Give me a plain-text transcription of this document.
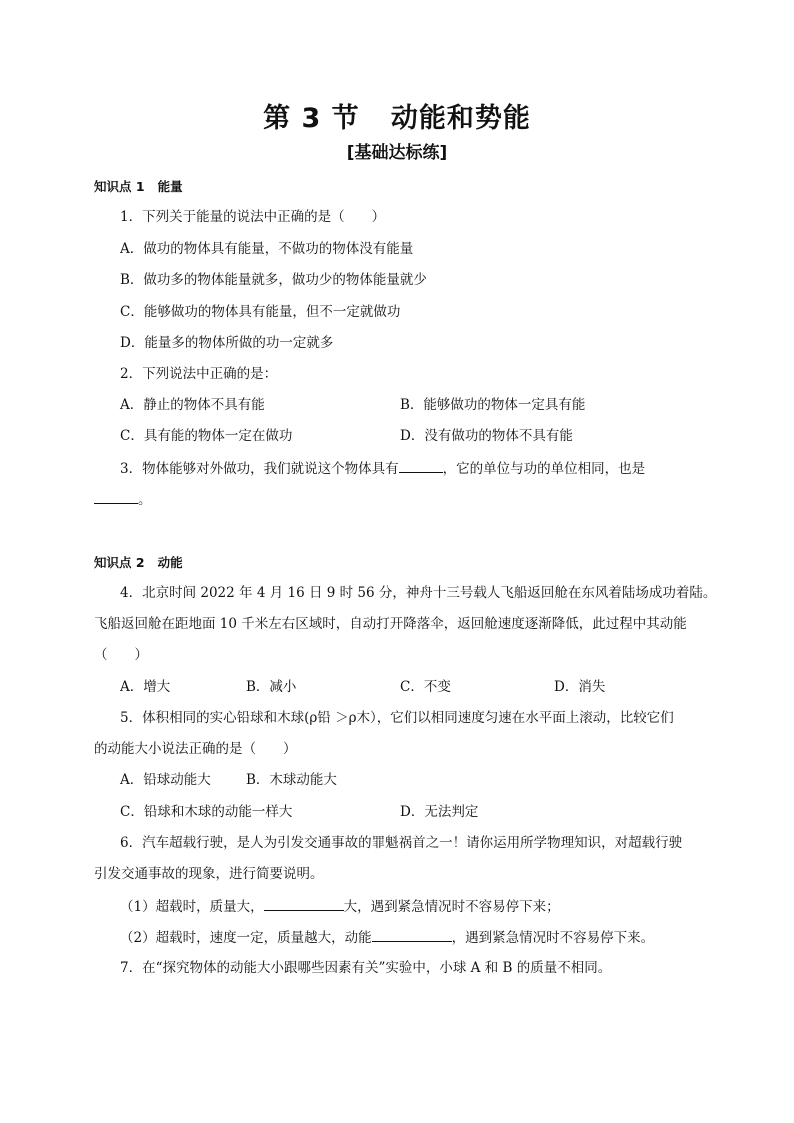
第 3 节   动能和势能
[基础达标练]
知识点 1   能量
1．下列关于能量的说法中正确的是（　　）
A．做功的物体具有能量，不做功的物体没有能量
B．做功多的物体能量就多，做功少的物体能量就少
C．能够做功的物体具有能量，但不一定就做功
D．能量多的物体所做的功一定就多
2．下列说法中正确的是：
A．静止的物体不具有能	B．能够做功的物体一定具有能
C．具有能的物体一定在做功	D．没有做功的物体不具有能
3．物体能够对外做功，我们就说这个物体具有	，它的单位与功的单位相同，也是
。
知识点 2   动能
4．北京时间 2022 年 4 月 16 日 9 时 56 分，神舟十三号载人飞船返回舱在东风着陆场成功着陆。
飞船返回舱在距地面 10 千米左右区域时，自动打开降落伞，返回舱速度逐渐降低，此过程中其动能
（　　）
A．增大	B．减小	C．不变	D．消失
5．体积相同的实心铅球和木球(ρ铅 ＞ρ木），它们以相同速度匀速在水平面上滚动，比较它们
的动能大小说法正确的是（　　）
A．铅球动能大	B．木球动能大
C．铅球和木球的动能一样大	D．无法判定
6．汽车超载行驶，是人为引发交通事故的罪魁祸首之一！请你运用所学物理知识，对超载行驶
引发交通事故的现象，进行简要说明。
（1）超载时，质量大，	大，遇到紧急情况时不容易停下来；
（2）超载时，速度一定，质量越大，动能	，遇到紧急情况时不容易停下来。
7．在“探究物体的动能大小跟哪些因素有关”实验中，小球 A 和 B 的质量不相同。
